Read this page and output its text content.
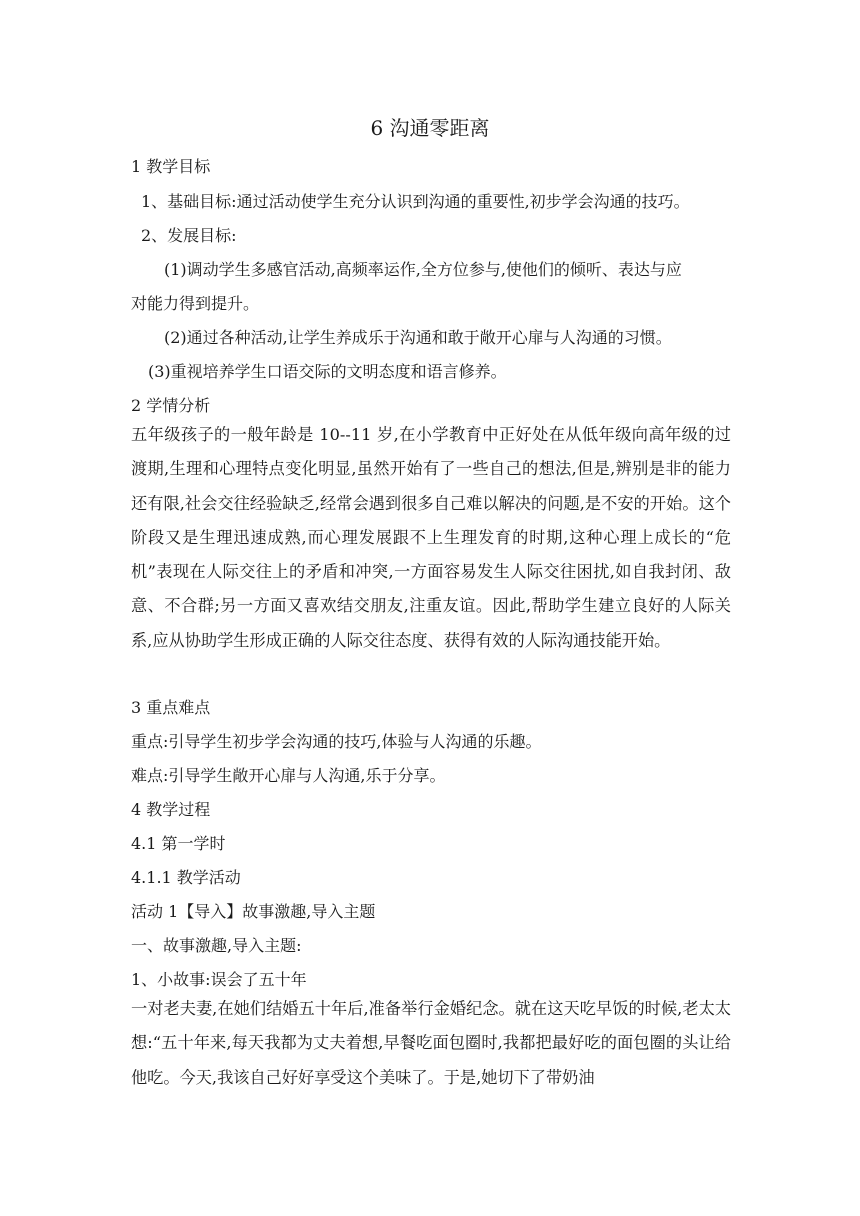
6 沟通零距离
1 教学目标
1、基础目标:通过活动使学生充分认识到沟通的重要性,初步学会沟通的技巧。
2、发展目标:
(1)调动学生多感官活动,高频率运作,全方位参与,使他们的倾听、表达与应
对能力得到提升。
(2)通过各种活动,让学生养成乐于沟通和敢于敞开心扉与人沟通的习惯。
(3)重视培养学生口语交际的文明态度和语言修养。
2 学情分析
五年级孩子的一般年龄是 10--11 岁,在小学教育中正好处在从低年级向高年级的过渡期,生理和心理特点变化明显,虽然开始有了一些自己的想法,但是,辨别是非的能力还有限,社会交往经验缺乏,经常会遇到很多自己难以解决的问题,是不安的开始。这个阶段又是生理迅速成熟,而心理发展跟不上生理发育的时期,这种心理上成长的“危机”表现在人际交往上的矛盾和冲突,一方面容易发生人际交往困扰,如自我封闭、敌意、不合群;另一方面又喜欢结交朋友,注重友谊。因此,帮助学生建立良好的人际关系,应从协助学生形成正确的人际交往态度、获得有效的人际沟通技能开始。
3 重点难点
重点:引导学生初步学会沟通的技巧,体验与人沟通的乐趣。
难点:引导学生敞开心扉与人沟通,乐于分享。
4 教学过程
4.1 第一学时
4.1.1 教学活动
活动 1【导入】故事激趣,导入主题
一、故事激趣,导入主题:
1、小故事:误会了五十年
一对老夫妻,在她们结婚五十年后,准备举行金婚纪念。就在这天吃早饭的时候,老太太想:“五十年来,每天我都为丈夫着想,早餐吃面包圈时,我都把最好吃的面包圈的头让给他吃。今天,我该自己好好享受这个美味了。于是,她切下了带奶油
